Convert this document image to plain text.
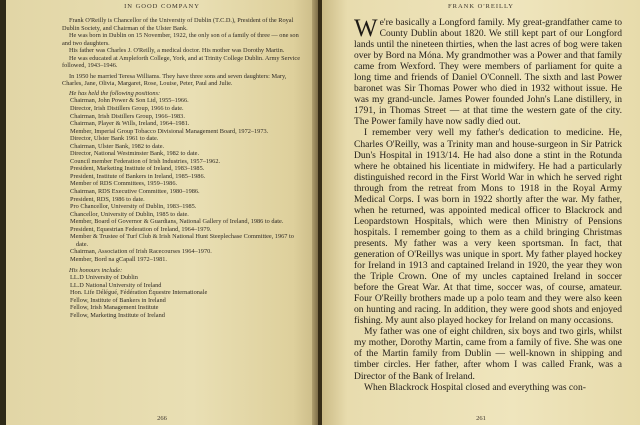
IN GOOD COMPANY

Frank O'Reilly is Chancellor of the University of Dublin (T.C.D.), President of the Royal Dublin Society, and Chairman of the Ulster Bank.

He was born in Dublin on 15 November, 1922, the only son of a family of three — one son and two daughters.

His father was Charles J. O'Reilly, a medical doctor. His mother was Dorothy Martin.

He was educated at Ampleforth College, York, and at Trinity College Dublin. Army Service followed, 1943–1946.

In 1950 he married Teresa Williams. They have three sons and seven daughters: Mary, Charles, Jane, Olivia, Margaret, Rose, Louise, Peter, Paul and Julie.

He has held the following positions:
Chairman, John Power & Son Ltd, 1955–1966.
Director, Irish Distillers Group, 1966 to date.
Chairman, Irish Distillers Group, 1966–1983.
Chairman, Player & Wills, Ireland, 1964–1981.
Member, Imperial Group Tobacco Divisional Management Board, 1972–1973.
Director, Ulster Bank 1961 to date.
Chairman, Ulster Bank, 1982 to date.
Director, National Westminster Bank, 1982 to date.
Council member Federation of Irish Industries, 1957–1962.
President, Marketing Institute of Ireland, 1983–1985.
President, Institute of Bankers in Ireland, 1985–1986.
Member of RDS Committees, 1959–1986.
Chairman, RDS Executive Committee, 1980–1986.
President, RDS, 1986 to date.
Pro Chancellor, University of Dublin, 1983–1985.
Chancellor, University of Dublin, 1985 to date.
Member, Board of Governor & Guardians, National Gallery of Ireland, 1986 to date.
President, Equestrian Federation of Ireland, 1964–1979.
Member & Trustee of Turf Club & Irish National Hunt Steeplechase Committee, 1967 to date.
Chairman, Association of Irish Racecourses 1964–1970.
Member, Bord na gCapall 1972–1981.
His honours include:
LL.D University of Dublin
LL.D National University of Ireland
Hon. Life Délégué, Fédération Équestre Internationale
Fellow, Institute of Bankers in Ireland
Fellow, Irish Management Institute
Fellow, Marketing Institute of Ireland
266
FRANK O'REILLY

We're basically a Longford family. My great-grandfather came to County Dublin about 1820. We still kept part of our Longford lands until the nineteen thirties, when the last acres of bog were taken over by Bord na Móna. My grandmother was a Power and that family came from Wexford. They were members of parliament for quite a long time and friends of Daniel O'Connell. The sixth and last Power baronet was Sir Thomas Power who died in 1932 without issue. He was my grand-uncle. James Power founded John's Lane distillery, in 1791, in Thomas Street — at that time the western gate of the city. The Power family have now sadly died out.

I remember very well my father's dedication to medicine. He, Charles O'Reilly, was a Trinity man and house-surgeon in Sir Patrick Dun's Hospital in 1913/14. He had also done a stint in the Rotunda where he obtained his licentiate in midwifery. He had a particularly distinguished record in the First World War in which he served right through from the retreat from Mons to 1918 in the Royal Army Medical Corps. I was born in 1922 shortly after the war. My father, when he returned, was appointed medical officer to Blackrock and Leopardstown Hospitals, which were then Ministry of Pensions hospitals. I remember going to them as a child bringing Christmas presents. My father was a very keen sportsman. In fact, that generation of O'Reillys was unique in sport. My father played hockey for Ireland in 1913 and captained Ireland in 1920, the year they won the Triple Crown. One of my uncles captained Ireland in soccer before the Great War. At that time, soccer was, of course, amateur. Four O'Reilly brothers made up a polo team and they were also keen on hunting and racing. In addition, they were good shots and enjoyed fishing. My aunt also played hockey for Ireland on many occasions.

My father was one of eight children, six boys and two girls, whilst my mother, Dorothy Martin, came from a family of five. She was one of the Martin family from Dublin — well-known in shipping and timber circles. Her father, after whom I was called Frank, was a Director of the Bank of Ireland.

When Blackrock Hospital closed and everything was con-

261
